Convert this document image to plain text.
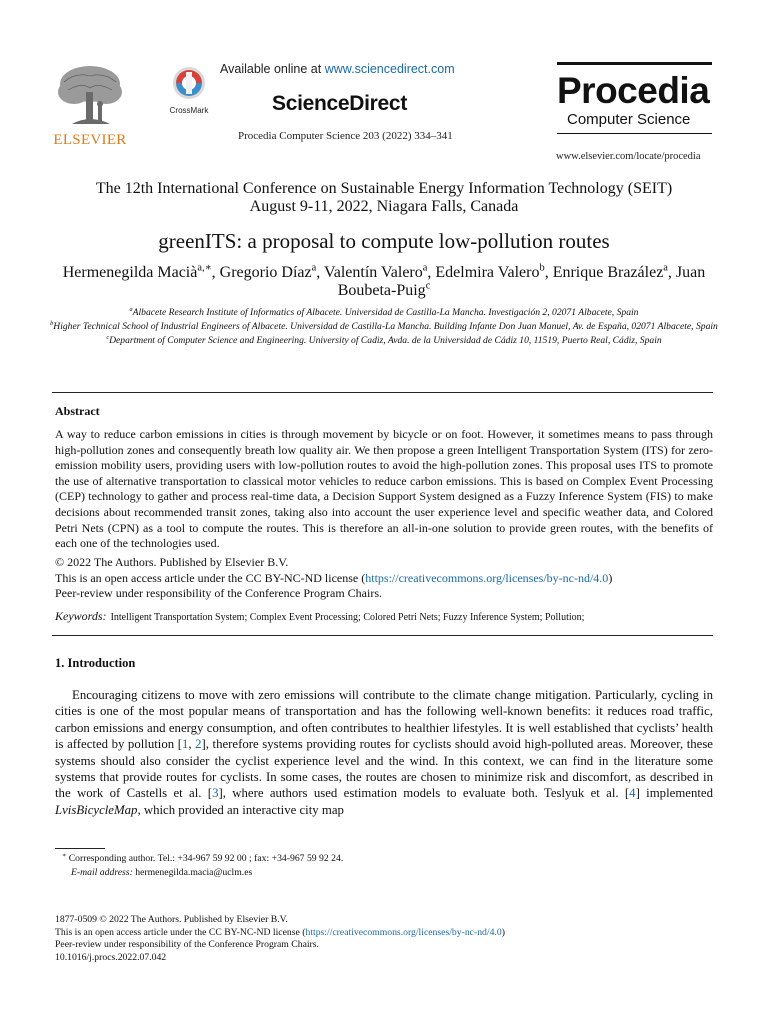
ELSEVIER
CrossMark
Available online at www.sciencedirect.com
ScienceDirect
Procedia Computer Science 203 (2022) 334–341
Procedia
Computer Science
www.elsevier.com/locate/procedia
The 12th International Conference on Sustainable Energy Information Technology (SEIT)
August 9-11, 2022, Niagara Falls, Canada
greenITS: a proposal to compute low-pollution routes
Hermenegilda Macià$^{a,∗}$, Gregorio Díaz$^a$, Valentín Valero$^a$, Edelmira Valero$^b$, Enrique Brazález$^a$, Juan Boubeta-Puig$^c$
$^a$Albacete Research Institute of Informatics of Albacete. Universidad de Castilla-La Mancha. Investigación 2, 02071 Albacete, Spain
$^b$Higher Technical School of Industrial Engineers of Albacete. Universidad de Castilla-La Mancha. Building Infante Don Juan Manuel, Av. de España, 02071 Albacete, Spain
$^c$Department of Computer Science and Engineering. University of Cadiz, Avda. de la Universidad de Cádiz 10, 11519, Puerto Real, Cádiz, Spain
Abstract
A way to reduce carbon emissions in cities is through movement by bicycle or on foot. However, it sometimes means to pass through high-pollution zones and consequently breath low quality air. We then propose a green Intelligent Transportation System (ITS) for zero-emission mobility users, providing users with low-pollution routes to avoid the high-pollution zones. This proposal uses ITS to promote the use of alternative transportation to classical motor vehicles to reduce carbon emissions. This is based on Complex Event Processing (CEP) technology to gather and process real-time data, a Decision Support System designed as a Fuzzy Inference System (FIS) to make decisions about recommended transit zones, taking also into account the user experience level and specific weather data, and Colored Petri Nets (CPN) as a tool to compute the routes. This is therefore an all-in-one solution to provide green routes, with the benefits of each one of the technologies used.
© 2022 The Authors. Published by Elsevier B.V.
This is an open access article under the CC BY-NC-ND license (https://creativecommons.org/licenses/by-nc-nd/4.0)
Peer-review under responsibility of the Conference Program Chairs.
Keywords: Intelligent Transportation System; Complex Event Processing; Colored Petri Nets; Fuzzy Inference System; Pollution;
1. Introduction
Encouraging citizens to move with zero emissions will contribute to the climate change mitigation. Particularly, cycling in cities is one of the most popular means of transportation and has the following well-known benefits: it reduces road traffic, carbon emissions and energy consumption, and often contributes to healthier lifestyles. It is well established that cyclists’ health is affected by pollution [1, 2], therefore systems providing routes for cyclists should avoid high-polluted areas. Moreover, these systems should also consider the cyclist experience level and the wind. In this context, we can find in the literature some systems that provide routes for cyclists. In some cases, the routes are chosen to minimize risk and discomfort, as described in the work of Castells et al. [3], where authors used estimation models to evaluate both. Teslyuk et al. [4] implemented LvisBicycleMap, which provided an interactive city map
∗ Corresponding author. Tel.: +34-967 59 92 00 ; fax: +34-967 59 92 24.
E-mail address: hermenegilda.macia@uclm.es
1877-0509 © 2022 The Authors. Published by Elsevier B.V.
This is an open access article under the CC BY-NC-ND license (https://creativecommons.org/licenses/by-nc-nd/4.0)
Peer-review under responsibility of the Conference Program Chairs.
10.1016/j.procs.2022.07.042
